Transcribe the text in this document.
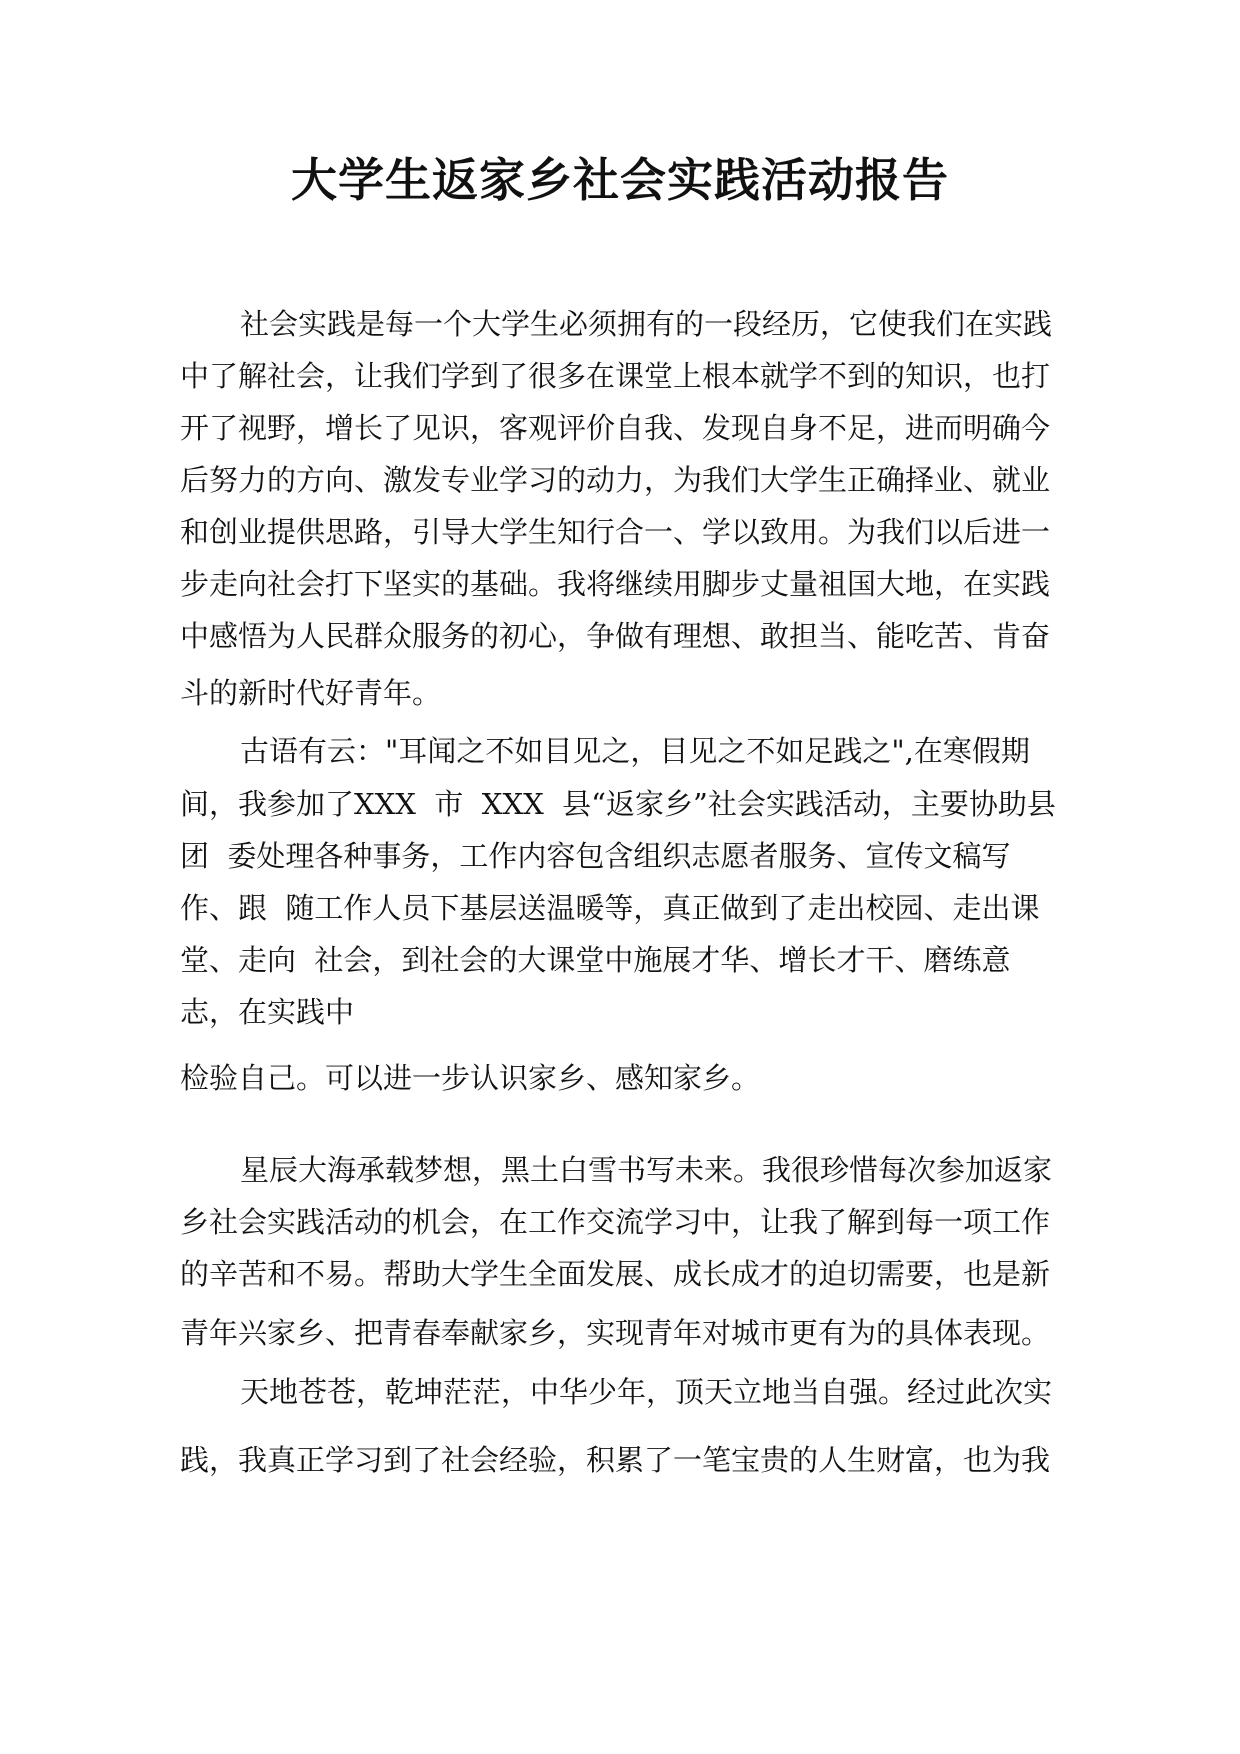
大学生返家乡社会实践活动报告
社会实践是每一个大学生必须拥有的一段经历，它使我们在实践
中了解社会，让我们学到了很多在课堂上根本就学不到的知识，也打
开了视野，增长了见识，客观评价自我、发现自身不足，进而明确今
后努力的方向、激发专业学习的动力，为我们大学生正确择业、就业
和创业提供思路，引导大学生知行合一、学以致用。为我们以后进一
步走向社会打下坚实的基础。我将继续用脚步丈量祖国大地，在实践
中感悟为人民群众服务的初心，争做有理想、敢担当、能吃苦、肯奋
斗的新时代好青年。
古语有云："耳闻之不如目见之，目见之不如足践之",在寒假期
间，我参加了XXX  市  XXX  县“返家乡”社会实践活动，主要协助县
团  委处理各种事务，工作内容包含组织志愿者服务、宣传文稿写
作、跟  随工作人员下基层送温暖等，真正做到了走出校园、走出课
堂、走向  社会，到社会的大课堂中施展才华、增长才干、磨练意
志，在实践中
检验自己。可以进一步认识家乡、感知家乡。
星辰大海承载梦想，黑土白雪书写未来。我很珍惜每次参加返家
乡社会实践活动的机会，在工作交流学习中，让我了解到每一项工作
的辛苦和不易。帮助大学生全面发展、成长成才的迫切需要，也是新
青年兴家乡、把青春奉献家乡，实现青年对城市更有为的具体表现。
天地苍苍，乾坤茫茫，中华少年，顶天立地当自强。经过此次实
践，我真正学习到了社会经验，积累了一笔宝贵的人生财富，也为我
